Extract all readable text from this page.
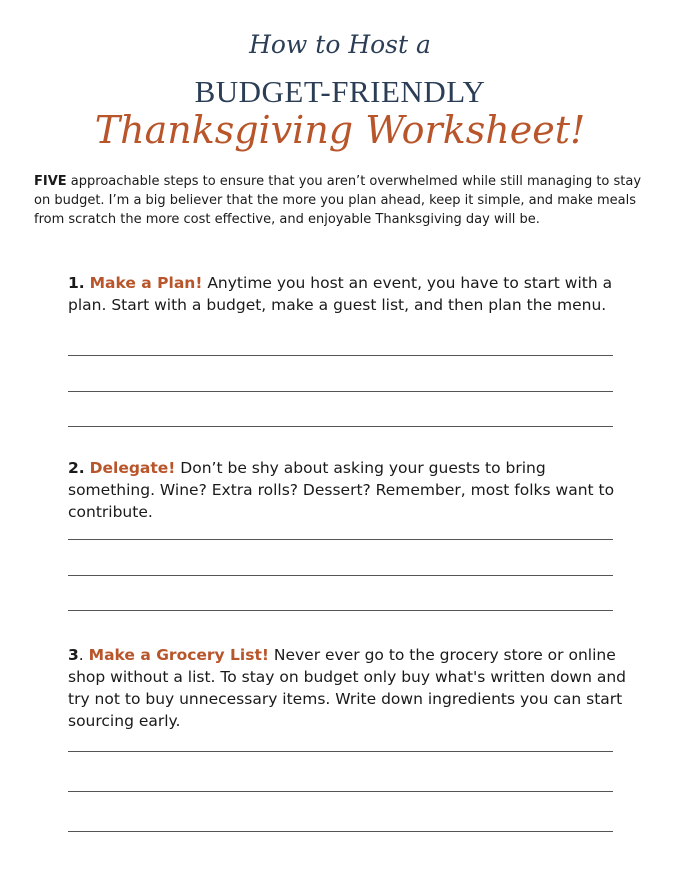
How to Host a
BUDGET-FRIENDLY
Thanksgiving Worksheet!
FIVE approachable steps to ensure that you aren’t overwhelmed while still managing to stay on budget. I’m a big believer that the more you plan ahead, keep it simple, and make meals from scratch the more cost effective, and enjoyable Thanksgiving day will be.
1. Make a Plan! Anytime you host an event, you have to start with a plan. Start with a budget, make a guest list, and then plan the menu.
2. Delegate! Don’t be shy about asking your guests to bring something. Wine? Extra rolls? Dessert? Remember, most folks want to contribute.
3. Make a Grocery List! Never ever go to the grocery store or online shop without a list. To stay on budget only buy what's written down and try not to buy unnecessary items. Write down ingredients you can start sourcing early.
